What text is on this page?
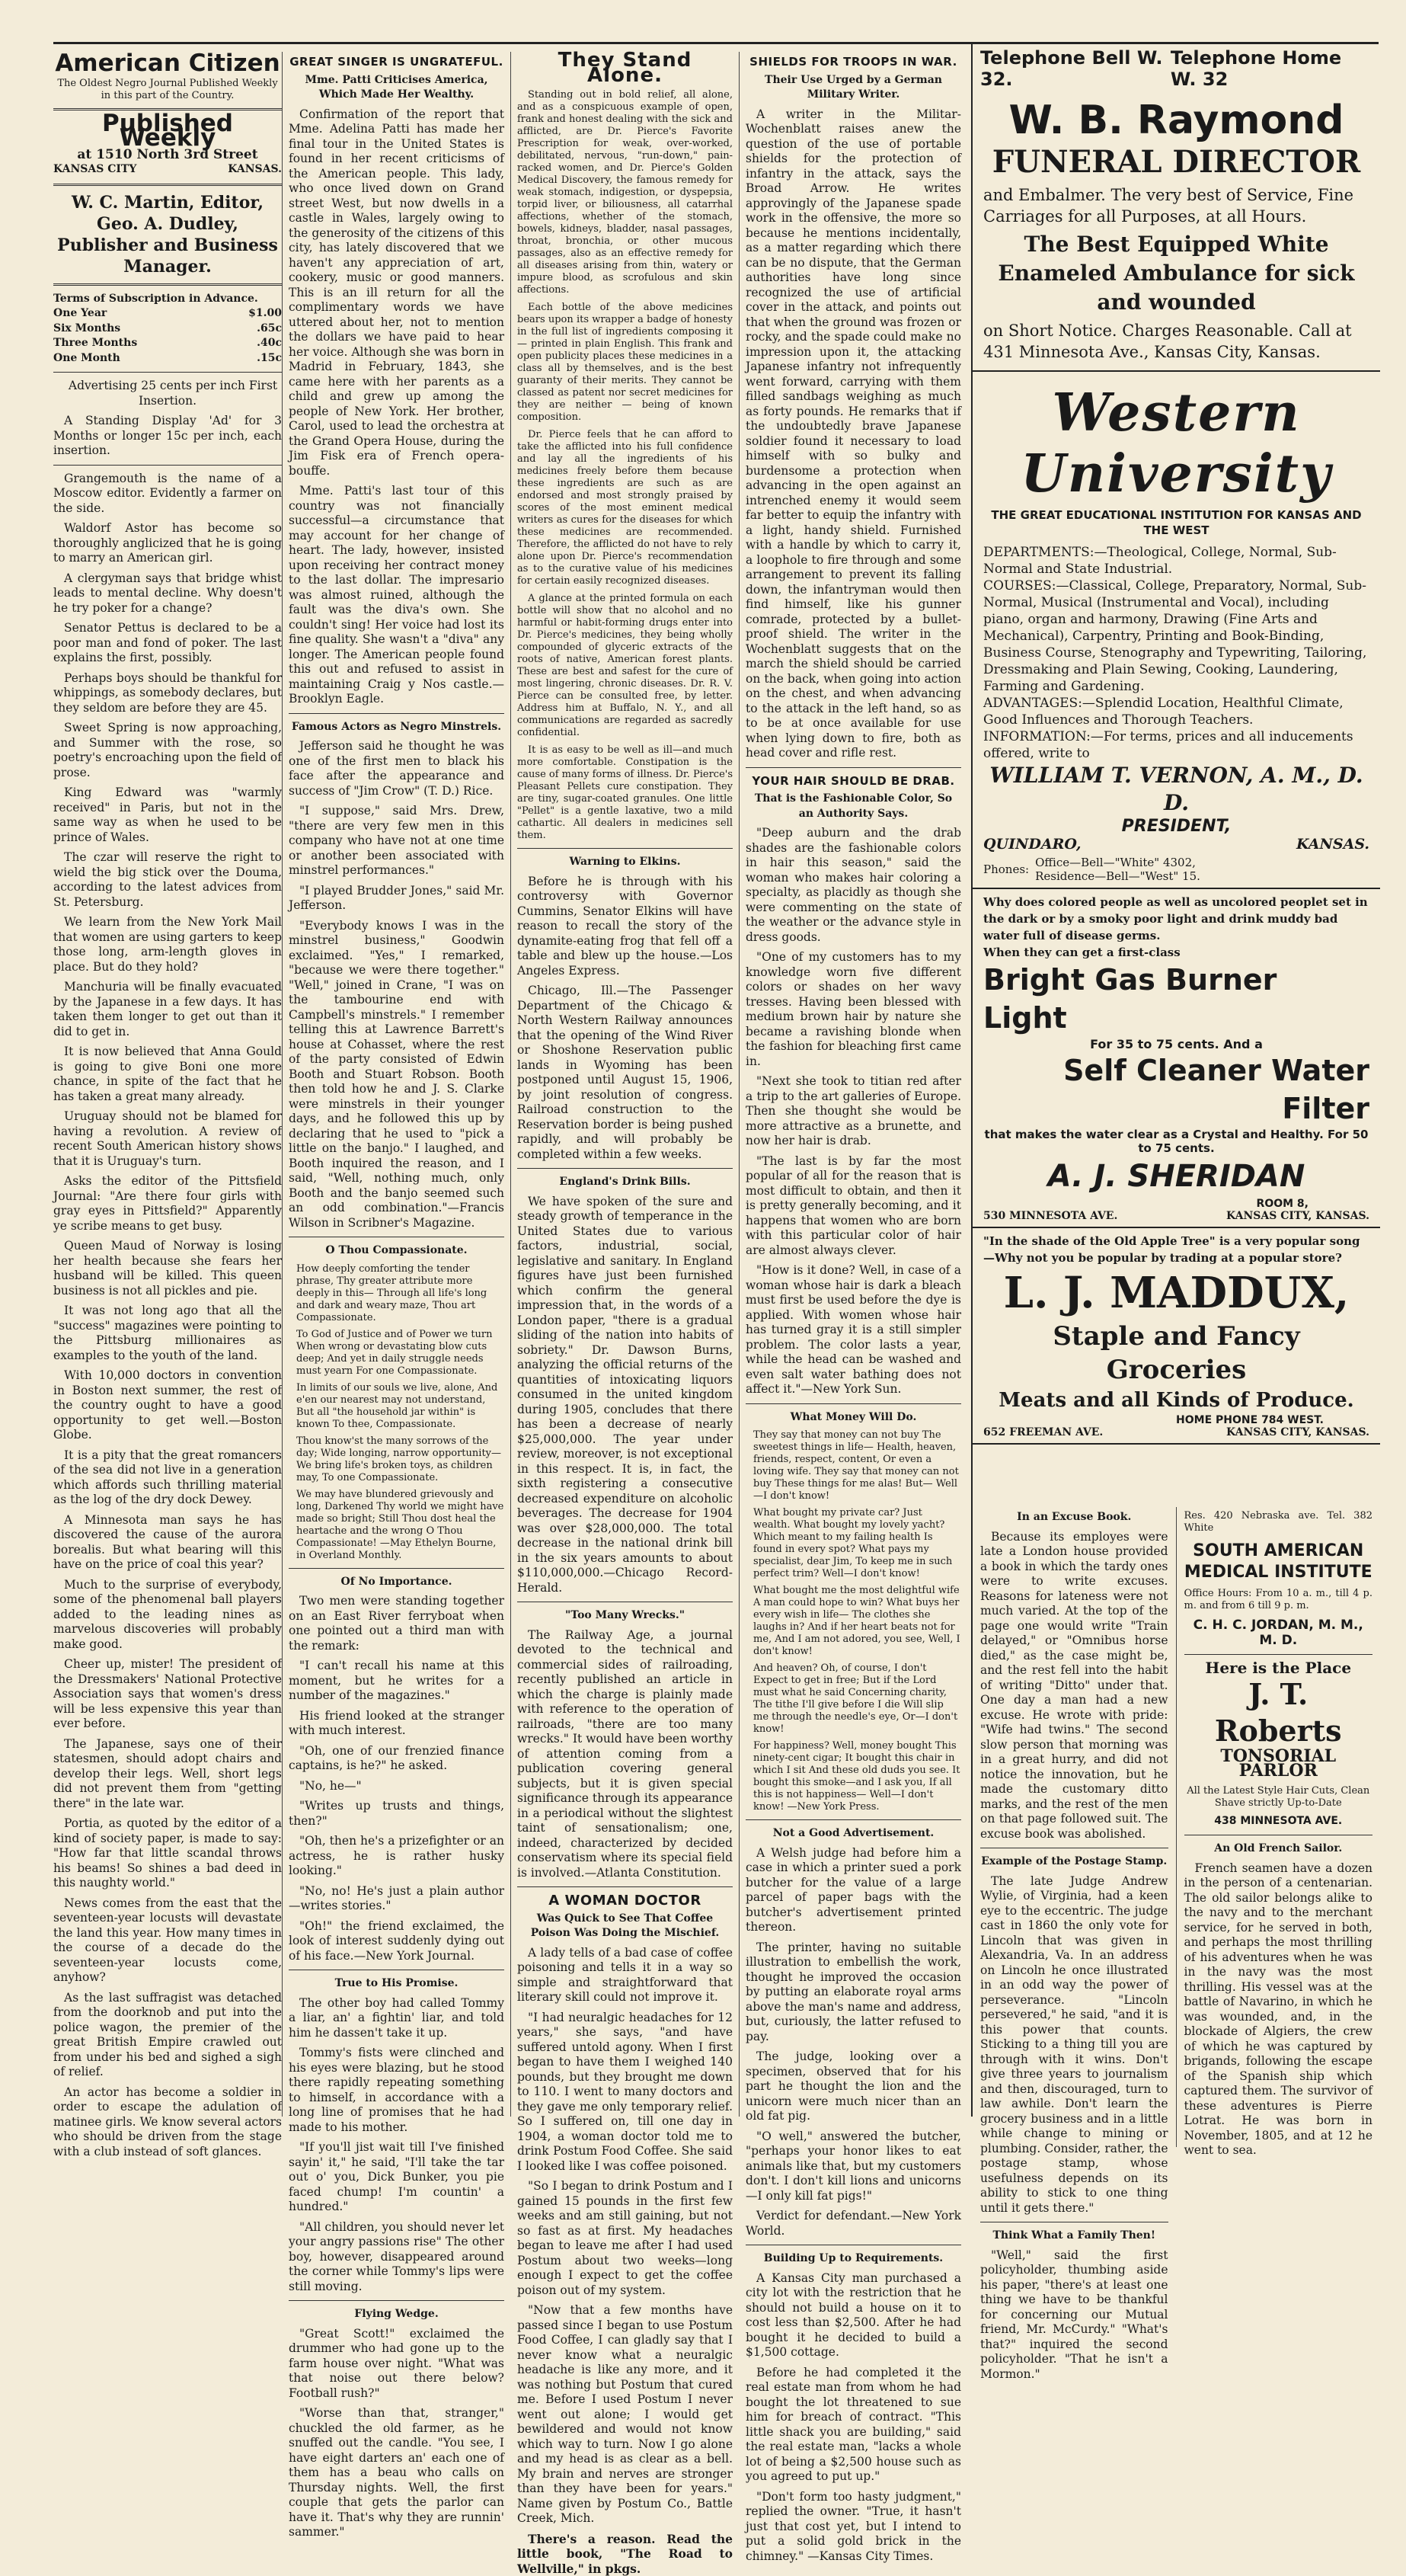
American Citizen
The Oldest Negro Journal Published Weekly in this part of the Country.
Published Weekly
at 1510 North 3rd Street
KANSAS CITY	KANSAS.
W. C. Martin, Editor,
Geo. A. Dudley, Publisher and Business Manager.
Terms of Subscription in Advance.
One Year	$1.00
Six Months	.65c
Three Months	.40c
One Month	.15c

Advertising 25 cents per inch First Insertion.

A Standing Display 'Ad' for 3 Months or longer 15c per inch, each insertion.

Grangemouth is the name of a Moscow editor. Evidently a farmer on the side.

Waldorf Astor has become so thoroughly anglicized that he is going to marry an American girl.

A clergyman says that bridge whist leads to mental decline. Why doesn't he try poker for a change?

Senator Pettus is declared to be a poor man and fond of poker. The last explains the first, possibly.

Perhaps boys should be thankful for whippings, as somebody declares, but they seldom are before they are 45.

Sweet Spring is now approaching, and Summer with the rose, so poetry's encroaching upon the field of prose.

King Edward was "warmly received" in Paris, but not in the same way as when he used to be prince of Wales.

The czar will reserve the right to wield the big stick over the Douma, according to the latest advices from St. Petersburg.

We learn from the New York Mail that women are using garters to keep those long, arm-length gloves in place. But do they hold?

Manchuria will be finally evacuated by the Japanese in a few days. It has taken them longer to get out than it did to get in.

It is now believed that Anna Gould is going to give Boni one more chance, in spite of the fact that he has taken a great many already.

Uruguay should not be blamed for having a revolution. A review of recent South American history shows that it is Uruguay's turn.

Asks the editor of the Pittsfield Journal: "Are there four girls with gray eyes in Pittsfield?" Apparently ye scribe means to get busy.

Queen Maud of Norway is losing her health because she fears her husband will be killed. This queen business is not all pickles and pie.

It was not long ago that all the "success" magazines were pointing to the Pittsburg millionaires as examples to the youth of the land.

With 10,000 doctors in convention in Boston next summer, the rest of the country ought to have a good opportunity to get well.—Boston Globe.

It is a pity that the great romancers of the sea did not live in a generation which affords such thrilling material as the log of the dry dock Dewey.

A Minnesota man says he has discovered the cause of the aurora borealis. But what bearing will this have on the price of coal this year?

Much to the surprise of everybody, some of the phenomenal ball players added to the leading nines as marvelous discoveries will probably make good.

Cheer up, mister! The president of the Dressmakers' National Protective Association says that women's dress will be less expensive this year than ever before.

The Japanese, says one of their statesmen, should adopt chairs and develop their legs. Well, short legs did not prevent them from "getting there" in the late war.

Portia, as quoted by the editor of a kind of society paper, is made to say: "How far that little scandal throws his beams! So shines a bad deed in this naughty world."

News comes from the east that the seventeen-year locusts will devastate the land this year. How many times in the course of a decade do the seventeen-year locusts come, anyhow?

As the last suffragist was detached from the doorknob and put into the police wagon, the premier of the great British Empire crawled out from under his bed and sighed a sigh of relief.

An actor has become a soldier in order to escape the adulation of matinee girls. We know several actors who should be driven from the stage with a club instead of soft glances.

GREAT SINGER IS UNGRATEFUL.
Mme. Patti Criticises America, Which Made Her Wealthy.

Confirmation of the report that Mme. Adelina Patti has made her final tour in the United States is found in her recent criticisms of the American people. This lady, who once lived down on Grand street West, but now dwells in a castle in Wales, largely owing to the generosity of the citizens of this city, has lately discovered that we haven't any appreciation of art, cookery, music or good manners. This is an ill return for all the complimentary words we have uttered about her, not to mention the dollars we have paid to hear her voice. Although she was born in Madrid in February, 1843, she came here with her parents as a child and grew up among the people of New York. Her brother, Carol, used to lead the orchestra at the Grand Opera House, during the Jim Fisk era of French opera-bouffe.

Mme. Patti's last tour of this country was not financially successful—a circumstance that may account for her change of heart. The lady, however, insisted upon receiving her contract money to the last dollar. The impresario was almost ruined, although the fault was the diva's own. She couldn't sing! Her voice had lost its fine quality. She wasn't a "diva" any longer. The American people found this out and refused to assist in maintaining Craig y Nos castle.—Brooklyn Eagle.

Famous Actors as Negro Minstrels.

Jefferson said he thought he was one of the first men to black his face after the appearance and success of "Jim Crow" (T. D.) Rice.

"I suppose," said Mrs. Drew, "there are very few men in this company who have not at one time or another been associated with minstrel performances."

"I played Brudder Jones," said Mr. Jefferson.

"Everybody knows I was in the minstrel business," Goodwin exclaimed. "Yes," I remarked, "because we were there together." "Well," joined in Crane, "I was on the tambourine end with Campbell's minstrels." I remember telling this at Lawrence Barrett's house at Cohasset, where the rest of the party consisted of Edwin Booth and Stuart Robson. Booth then told how he and J. S. Clarke were minstrels in their younger days, and he followed this up by declaring that he used to "pick a little on the banjo." I laughed, and Booth inquired the reason, and I said, "Well, nothing much, only Booth and the banjo seemed such an odd combination."—Francis Wilson in Scribner's Magazine.

O Thou Compassionate.

How deeply comforting the tender phrase, Thy greater attribute more deeply in this— Through all life's long and dark and weary maze, Thou art Compassionate.

To God of Justice and of Power we turn When wrong or devastating blow cuts deep; And yet in daily struggle needs must yearn For one Compassionate.

In limits of our souls we live, alone, And e'en our nearest may not understand, But all "the household jar within" is known To thee, Compassionate.

Thou know'st the many sorrows of the day; Wide longing, narrow opportunity— We bring life's broken toys, as children may, To one Compassionate.

We may have blundered grievously and long, Darkened Thy world we might have made so bright; Still Thou dost heal the heartache and the wrong O Thou Compassionate! —May Ethelyn Bourne, in Overland Monthly.

Of No Importance.

Two men were standing together on an East River ferryboat when one pointed out a third man with the remark:

"I can't recall his name at this moment, but he writes for a number of the magazines."

His friend looked at the stranger with much interest.

"Oh, one of our frenzied finance captains, is he?" he asked.

"No, he—"

"Writes up trusts and things, then?"

"Oh, then he's a prizefighter or an actress, he is rather husky looking."

"No, no! He's just a plain author—writes stories."

"Oh!" the friend exclaimed, the look of interest suddenly dying out of his face.—New York Journal.

True to His Promise.

The other boy had called Tommy a liar, an' a fightin' liar, and told him he dassen't take it up.

Tommy's fists were clinched and his eyes were blazing, but he stood there rapidly repeating something to himself, in accordance with a long line of promises that he had made to his mother.

"If you'll jist wait till I've finished sayin' it," he said, "I'll take the tar out o' you, Dick Bunker, you pie faced chump! I'm countin' a hundred."

"All children, you should never let your angry passions rise" The other boy, however, disappeared around the corner while Tommy's lips were still moving.

Flying Wedge.

"Great Scott!" exclaimed the drummer who had gone up to the farm house over night. "What was that noise out there below? Football rush?"

"Worse than that, stranger," chuckled the old farmer, as he snuffed out the candle. "You see, I have eight darters an' each one of them has a beau who calls on Thursday nights. Well, the first couple that gets the parlor can have it. That's why they are runnin' sammer."

They Stand Alone.

Standing out in bold relief, all alone, and as a conspicuous example of open, frank and honest dealing with the sick and afflicted, are Dr. Pierce's Favorite Prescription for weak, over-worked, debilitated, nervous, "run-down," pain-racked women, and Dr. Pierce's Golden Medical Discovery, the famous remedy for weak stomach, indigestion, or dyspepsia, torpid liver, or biliousness, all catarrhal affections, whether of the stomach, bowels, kidneys, bladder, nasal passages, throat, bronchia, or other mucous passages, also as an effective remedy for all diseases arising from thin, watery or impure blood, as scrofulous and skin affections.

Each bottle of the above medicines bears upon its wrapper a badge of honesty in the full list of ingredients composing it — printed in plain English. This frank and open publicity places these medicines in a class all by themselves, and is the best guaranty of their merits. They cannot be classed as patent nor secret medicines for they are neither — being of known composition.

Dr. Pierce feels that he can afford to take the afflicted into his full confidence and lay all the ingredients of his medicines freely before them because these ingredients are such as are endorsed and most strongly praised by scores of the most eminent medical writers as cures for the diseases for which these medicines are recommended. Therefore, the afflicted do not have to rely alone upon Dr. Pierce's recommendation as to the curative value of his medicines for certain easily recognized diseases.

A glance at the printed formula on each bottle will show that no alcohol and no harmful or habit-forming drugs enter into Dr. Pierce's medicines, they being wholly compounded of glyceric extracts of the roots of native, American forest plants. These are best and safest for the cure of most lingering, chronic diseases. Dr. R. V. Pierce can be consulted free, by letter. Address him at Buffalo, N. Y., and all communications are regarded as sacredly confidential.

It is as easy to be well as ill—and much more comfortable. Constipation is the cause of many forms of illness. Dr. Pierce's Pleasant Pellets cure constipation. They are tiny, sugar-coated granules. One little "Pellet" is a gentle laxative, two a mild cathartic. All dealers in medicines sell them.

Warning to Elkins.

Before he is through with his controversy with Governor Cummins, Senator Elkins will have reason to recall the story of the dynamite-eating frog that fell off a table and blew up the house.—Los Angeles Express.

Chicago, Ill.—The Passenger Department of the Chicago & North Western Railway announces that the opening of the Wind River or Shoshone Reservation public lands in Wyoming has been postponed until August 15, 1906, by joint resolution of congress. Railroad construction to the Reservation border is being pushed rapidly, and will probably be completed within a few weeks.

England's Drink Bills.

We have spoken of the sure and steady growth of temperance in the United States due to various factors, industrial, social, legislative and sanitary. In England figures have just been furnished which confirm the general impression that, in the words of a London paper, "there is a gradual sliding of the nation into habits of sobriety." Dr. Dawson Burns, analyzing the official returns of the quantities of intoxicating liquors consumed in the united kingdom during 1905, concludes that there has been a decrease of nearly $25,000,000. The year under review, moreover, is not exceptional in this respect. It is, in fact, the sixth registering a consecutive decreased expenditure on alcoholic beverages. The decrease for 1904 was over $28,000,000. The total decrease in the national drink bill in the six years amounts to about $110,000,000.—Chicago Record-Herald.

"Too Many Wrecks."

The Railway Age, a journal devoted to the technical and commercial sides of railroading, recently published an article in which the charge is plainly made with reference to the operation of railroads, "there are too many wrecks." It would have been worthy of attention coming from a publication covering general subjects, but it is given special significance through its appearance in a periodical without the slightest taint of sensationalism; one, indeed, characterized by decided conservatism where its special field is involved.—Atlanta Constitution.

A WOMAN DOCTOR
Was Quick to See That Coffee Poison Was Doing the Mischief.

A lady tells of a bad case of coffee poisoning and tells it in a way so simple and straightforward that literary skill could not improve it.

"I had neuralgic headaches for 12 years," she says, "and have suffered untold agony. When I first began to have them I weighed 140 pounds, but they brought me down to 110. I went to many doctors and they gave me only temporary relief. So I suffered on, till one day in 1904, a woman doctor told me to drink Postum Food Coffee. She said I looked like I was coffee poisoned.

"So I began to drink Postum and I gained 15 pounds in the first few weeks and am still gaining, but not so fast as at first. My headaches began to leave me after I had used Postum about two weeks—long enough I expect to get the coffee poison out of my system.

"Now that a few months have passed since I began to use Postum Food Coffee, I can gladly say that I never know what a neuralgic headache is like any more, and it was nothing but Postum that cured me. Before I used Postum I never went out alone; I would get bewildered and would not know which way to turn. Now I go alone and my head is as clear as a bell. My brain and nerves are stronger than they have been for years." Name given by Postum Co., Battle Creek, Mich.

There's a reason. Read the little book, "The Road to Wellville," in pkgs.

SHIELDS FOR TROOPS IN WAR.
Their Use Urged by a German Military Writer.

A writer in the Militar-Wochenblatt raises anew the question of the use of portable shields for the protection of infantry in the attack, says the Broad Arrow. He writes approvingly of the Japanese spade work in the offensive, the more so because he mentions incidentally, as a matter regarding which there can be no dispute, that the German authorities have long since recognized the use of artificial cover in the attack, and points out that when the ground was frozen or rocky, and the spade could make no impression upon it, the attacking Japanese infantry not infrequently went forward, carrying with them filled sandbags weighing as much as forty pounds. He remarks that if the undoubtedly brave Japanese soldier found it necessary to load himself with so bulky and burdensome a protection when advancing in the open against an intrenched enemy it would seem far better to equip the infantry with a light, handy shield. Furnished with a handle by which to carry it, a loophole to fire through and some arrangement to prevent its falling down, the infantryman would then find himself, like his gunner comrade, protected by a bullet-proof shield. The writer in the Wochenblatt suggests that on the march the shield should be carried on the back, when going into action on the chest, and when advancing to the attack in the left hand, so as to be at once available for use when lying down to fire, both as head cover and rifle rest.

YOUR HAIR SHOULD BE DRAB.
That is the Fashionable Color, So an Authority Says.

"Deep auburn and the drab shades are the fashionable colors in hair this season," said the woman who makes hair coloring a specialty, as placidly as though she were commenting on the state of the weather or the advance style in dress goods.

"One of my customers has to my knowledge worn five different colors or shades on her wavy tresses. Having been blessed with medium brown hair by nature she became a ravishing blonde when the fashion for bleaching first came in.

"Next she took to titian red after a trip to the art galleries of Europe. Then she thought she would be more attractive as a brunette, and now her hair is drab.

"The last is by far the most popular of all for the reason that is most difficult to obtain, and then it is pretty generally becoming, and it happens that women who are born with this particular color of hair are almost always clever.

"How is it done? Well, in case of a woman whose hair is dark a bleach must first be used before the dye is applied. With women whose hair has turned gray it is a still simpler problem. The color lasts a year, while the head can be washed and even salt water bathing does not affect it."—New York Sun.

What Money Will Do.

They say that money can not buy The sweetest things in life— Health, heaven, friends, respect, content, Or even a loving wife. They say that money can not buy These things for me alas! But— Well—I don't know!

What bought my private car? Just wealth. What bought my lovely yacht? Which meant to my failing health Is found in every spot? What pays my specialist, dear Jim, To keep me in such perfect trim? Well—I don't know!

What bought me the most delightful wife A man could hope to win? What buys her every wish in life— The clothes she laughs in? And if her heart beats not for me, And I am not adored, you see, Well, I don't know!

And heaven? Oh, of course, I don't Expect to get in free; But if the Lord must what he said Concerning charity, The tithe I'll give before I die Will slip me through the needle's eye, Or—I don't know!

For happiness? Well, money bought This ninety-cent cigar; It bought this chair in which I sit And these old duds you see. It bought this smoke—and I ask you, If all this is not happiness— Well—I don't know! —New York Press.

Not a Good Advertisement.

A Welsh judge had before him a case in which a printer sued a pork butcher for the value of a large parcel of paper bags with the butcher's advertisement printed thereon.

The printer, having no suitable illustration to embellish the work, thought he improved the occasion by putting an elaborate royal arms above the man's name and address, but, curiously, the latter refused to pay.

The judge, looking over a specimen, observed that for his part he thought the lion and the unicorn were much nicer than an old fat pig.

"O well," answered the butcher, "perhaps your honor likes to eat animals like that, but my customers don't. I don't kill lions and unicorns —I only kill fat pigs!"

Verdict for defendant.—New York World.

Building Up to Requirements.

A Kansas City man purchased a city lot with the restriction that he should not build a house on it to cost less than $2,500. After he had bought it he decided to build a $1,500 cottage.

Before he had completed it the real estate man from whom he had bought the lot threatened to sue him for breach of contract. "This little shack you are building," said the real estate man, "lacks a whole lot of being a $2,500 house such as you agreed to put up."

"Don't form too hasty judgment," replied the owner. "True, it hasn't just that cost yet, but I intend to put a solid gold brick in the chimney." —Kansas City Times.

Telephone Bell W. 32.
Telephone Home W. 32
W. B. Raymond
FUNERAL DIRECTOR
and Embalmer. The very best of Service, Fine Carriages for all Purposes, at all Hours.
The Best Equipped White Enameled Ambulance for sick and wounded
on Short Notice. Charges Reasonable. Call at 431 Minnesota Ave., Kansas City, Kansas.
Western University
THE GREAT EDUCATIONAL INSTITUTION FOR KANSAS AND THE WEST
DEPARTMENTS:—Theological, College, Normal, Sub-Normal and State Industrial.
COURSES:—Classical, College, Preparatory, Normal, Sub-Normal, Musical (Instrumental and Vocal), including piano, organ and harmony, Drawing (Fine Arts and Mechanical), Carpentry, Printing and Book-Binding, Business Course, Stenography and Typewriting, Tailoring, Dressmaking and Plain Sewing, Cooking, Laundering, Farming and Gardening.
ADVANTAGES:—Splendid Location, Healthful Climate, Good Influences and Thorough Teachers.
INFORMATION:—For terms, prices and all inducements offered, write to
WILLIAM T. VERNON, A. M., D. D.
PRESIDENT,
QUINDARO,	KANSAS.
Phones: Office—Bell—"White" 4302,
Residence—Bell—"West" 15.
Why does colored people as well as uncolored peoplet set in the dark or by a smoky poor light and drink muddy bad water full of disease germs.
When they can get a first-class
Bright Gas Burner Light
For 35 to 75 cents. And a
Self Cleaner Water Filter
that makes the water clear as a Crystal and Healthy. For 50 to 75 cents.
A. J. SHERIDAN
ROOM 8,
530 MINNESOTA AVE.	KANSAS CITY, KANSAS.
"In the shade of the Old Apple Tree" is a very popular song—Why not you be popular by trading at a popular store?
L. J. MADDUX,
Staple and Fancy Groceries
Meats and all Kinds of Produce.
HOME PHONE 784 WEST.
652 FREEMAN AVE.	KANSAS CITY, KANSAS.
In an Excuse Book.

Because its employes were late a London house provided a book in which the tardy ones were to write excuses. Reasons for lateness were not much varied. At the top of the page one would write "Train delayed," or "Omnibus horse died," as the case might be, and the rest fell into the habit of writing "Ditto" under that. One day a man had a new excuse. He wrote with pride: "Wife had twins." The second slow person that morning was in a great hurry, and did not notice the innovation, but he made the customary ditto marks, and the rest of the men on that page followed suit. The excuse book was abolished.

Example of the Postage Stamp.

The late Judge Andrew Wylie, of Virginia, had a keen eye to the eccentric. The judge cast in 1860 the only vote for Lincoln that was given in Alexandria, Va. In an address on Lincoln he once illustrated in an odd way the power of perseverance. "Lincoln persevered," he said, "and it is this power that counts. Sticking to a thing till you are through with it wins. Don't give three years to journalism and then, discouraged, turn to law awhile. Don't learn the grocery business and in a little while change to mining or plumbing. Consider, rather, the postage stamp, whose usefulness depends on its ability to stick to one thing until it gets there."

Think What a Family Then!

"Well," said the first policyholder, thumbing aside his paper, "there's at least one thing we have to be thankful for concerning our Mutual friend, Mr. McCurdy." "What's that?" inquired the second policyholder. "That he isn't a Mormon."

Res. 420 Nebraska ave. Tel. 382 White
SOUTH AMERICAN
MEDICAL INSTITUTE
Office Hours: From 10 a. m., till 4 p. m. and from 6 till 9 p. m.
C. H. C. JORDAN, M. M., M. D.
Here is the Place
J. T. Roberts
TONSORIAL PARLOR
All the Latest Style Hair Cuts, Clean Shave strictly Up-to-Date
438 MINNESOTA AVE.
An Old French Sailor.

French seamen have a dozen in the person of a centenarian. The old sailor belongs alike to the navy and to the merchant service, for he served in both, and perhaps the most thrilling of his adventures when he was in the navy was the most thrilling. His vessel was at the battle of Navarino, in which he was wounded, and, in the blockade of Algiers, the crew of which he was captured by brigands, following the escape of the Spanish ship which captured them. The survivor of these adventures is Pierre Lotrat. He was born in November, 1805, and at 12 he went to sea.
